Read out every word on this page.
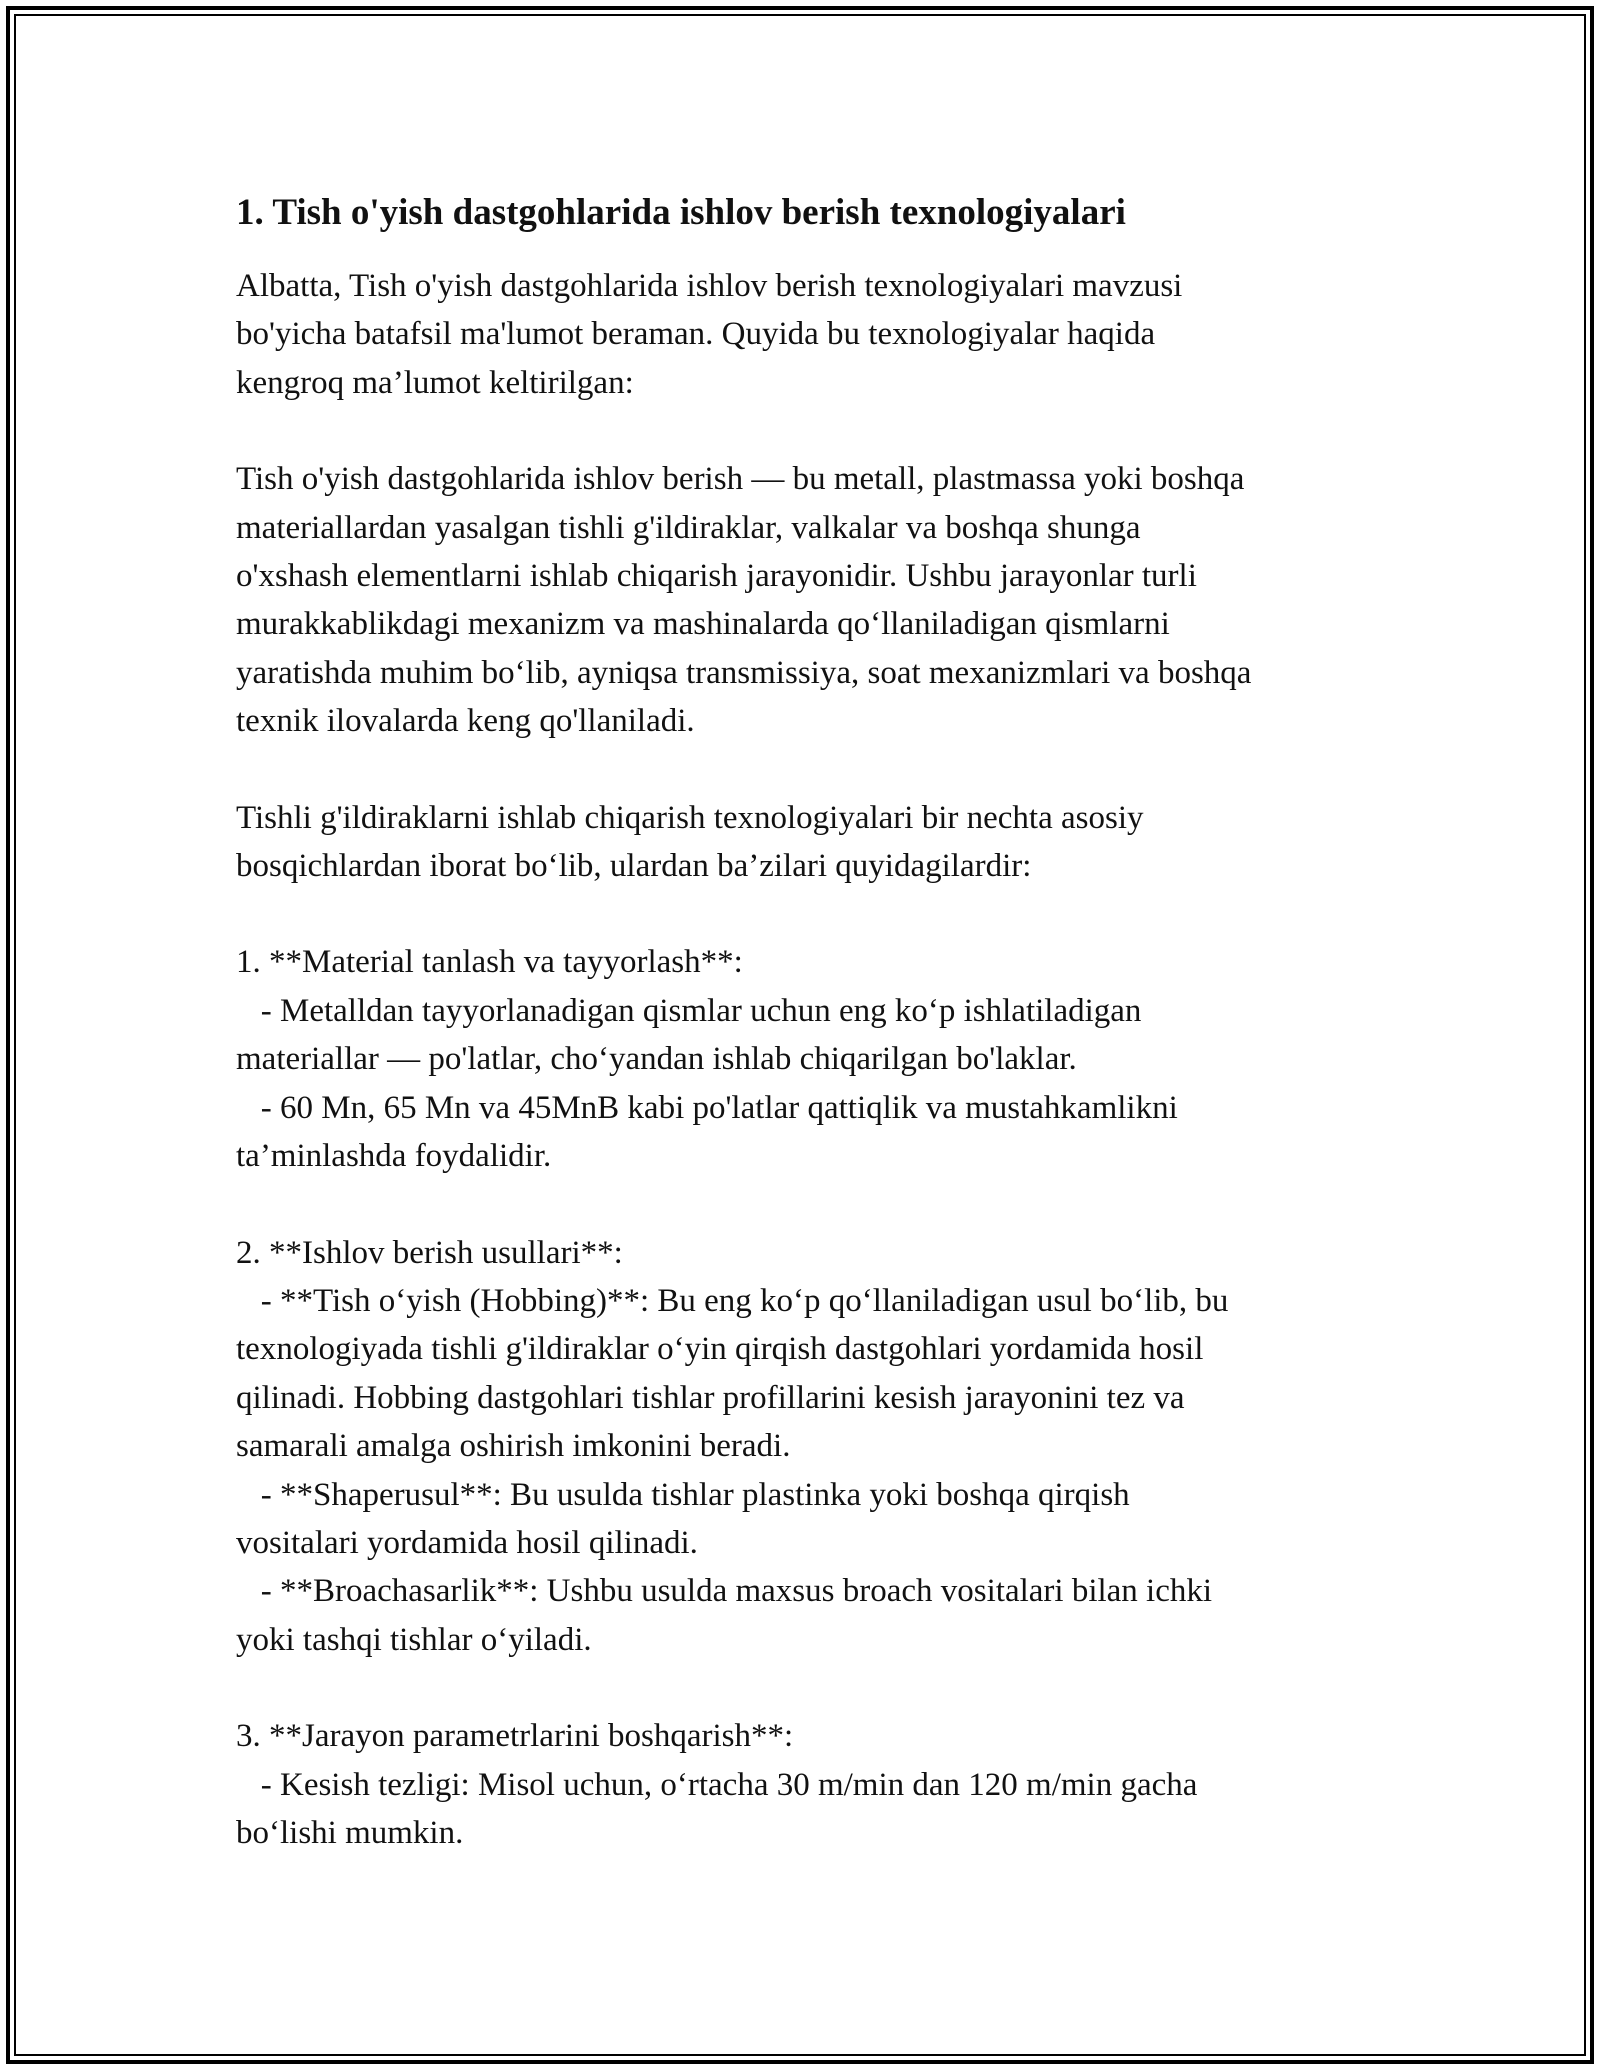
1. Tish o'yish dastgohlarida ishlov berish texnologiyalari

Albatta, Tish o'yish dastgohlarida ishlov berish texnologiyalari mavzusi
bo'yicha batafsil ma'lumot beraman. Quyida bu texnologiyalar haqida
kengroq ma’lumot keltirilgan:

Tish o'yish dastgohlarida ishlov berish — bu metall, plastmassa yoki boshqa
materiallardan yasalgan tishli g'ildiraklar, valkalar va boshqa shunga
o'xshash elementlarni ishlab chiqarish jarayonidir. Ushbu jarayonlar turli
murakkablikdagi mexanizm va mashinalarda qo‘llaniladigan qismlarni
yaratishda muhim bo‘lib, ayniqsa transmissiya, soat mexanizmlari va boshqa
texnik ilovalarda keng qo'llaniladi.

Tishli g'ildiraklarni ishlab chiqarish texnologiyalari bir nechta asosiy
bosqichlardan iborat bo‘lib, ulardan ba’zilari quyidagilardir:

1. **Material tanlash va tayyorlash**:
- Metalldan tayyorlanadigan qismlar uchun eng ko‘p ishlatiladigan
materiallar — po'latlar, cho‘yandan ishlab chiqarilgan bo'laklar.
- 60 Mn, 65 Mn va 45MnB kabi po'latlar qattiqlik va mustahkamlikni
ta’minlashda foydalidir.

2. **Ishlov berish usullari**:
- **Tish o‘yish (Hobbing)**: Bu eng ko‘p qo‘llaniladigan usul bo‘lib, bu
texnologiyada tishli g'ildiraklar o‘yin qirqish dastgohlari yordamida hosil
qilinadi. Hobbing dastgohlari tishlar profillarini kesish jarayonini tez va
samarali amalga oshirish imkonini beradi.
- **Shaperusul**: Bu usulda tishlar plastinka yoki boshqa qirqish
vositalari yordamida hosil qilinadi.
- **Broachasarlik**: Ushbu usulda maxsus broach vositalari bilan ichki
yoki tashqi tishlar o‘yiladi.

3. **Jarayon parametrlarini boshqarish**:
- Kesish tezligi: Misol uchun, o‘rtacha 30 m/min dan 120 m/min gacha
bo‘lishi mumkin.
